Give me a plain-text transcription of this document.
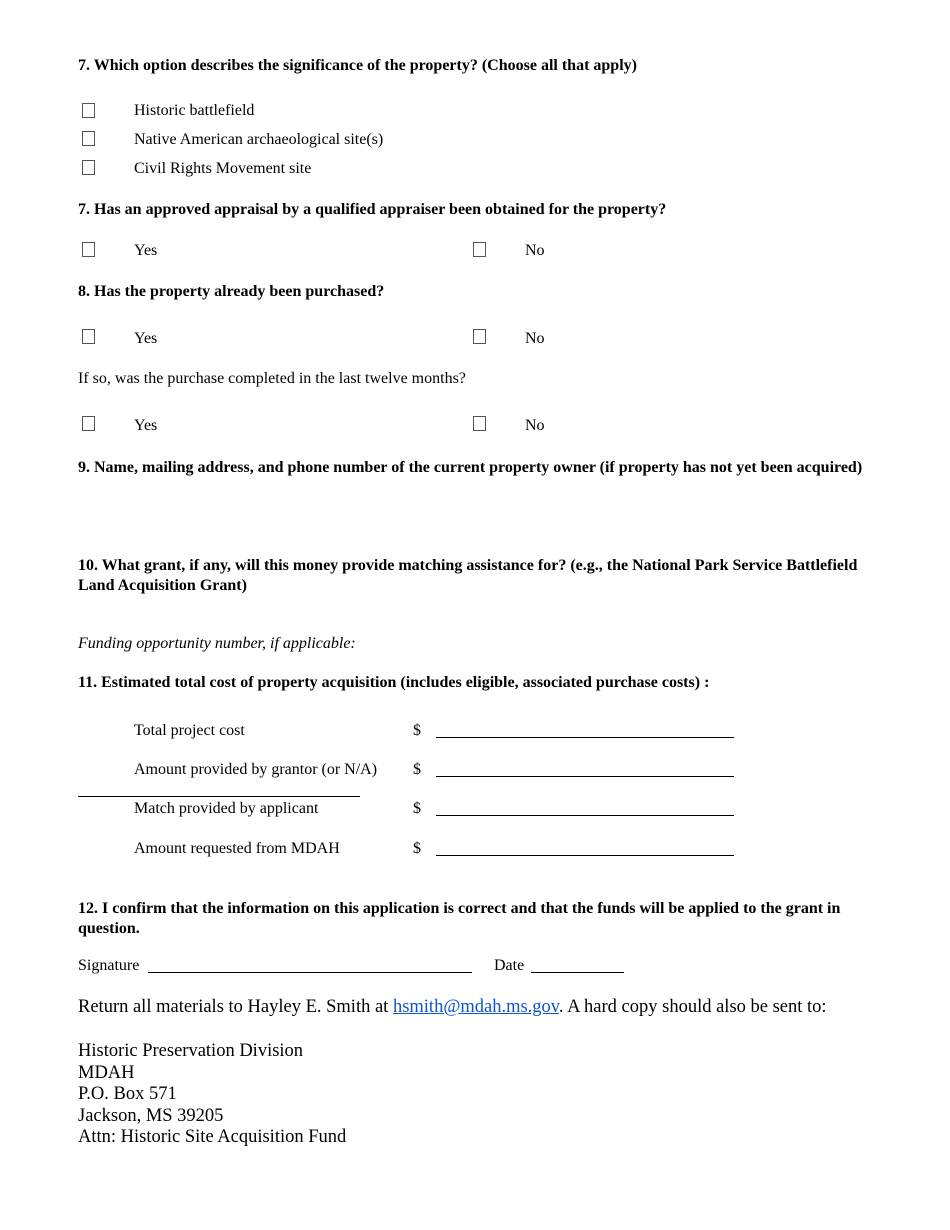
7. Which option describes the significance of the property? (Choose all that apply)
Historic battlefield
Native American archaeological site(s)
Civil Rights Movement site
7. Has an approved appraisal by a qualified appraiser been obtained for the property?
Yes	No
8. Has the property already been purchased?
Yes	No
If so, was the purchase completed in the last twelve months?
Yes	No
9. Name, mailing address, and phone number of the current property owner (if property has not yet been acquired)
10. What grant, if any, will this money provide matching assistance for? (e.g., the National Park Service Battlefield Land Acquisition Grant)
Funding opportunity number, if applicable:
11. Estimated total cost of property acquisition (includes eligible, associated purchase costs) :
Total project cost	$
Amount provided by grantor (or N/A) $
Match provided by applicant	$
Amount requested from MDAH	$
12. I confirm that the information on this application is correct and that the funds will be applied to the grant in question.
Signature	Date
Return all materials to Hayley E. Smith at hsmith@mdah.ms.gov. A hard copy should also be sent to:
Historic Preservation Division
MDAH
P.O. Box 571
Jackson, MS 39205
Attn: Historic Site Acquisition Fund
